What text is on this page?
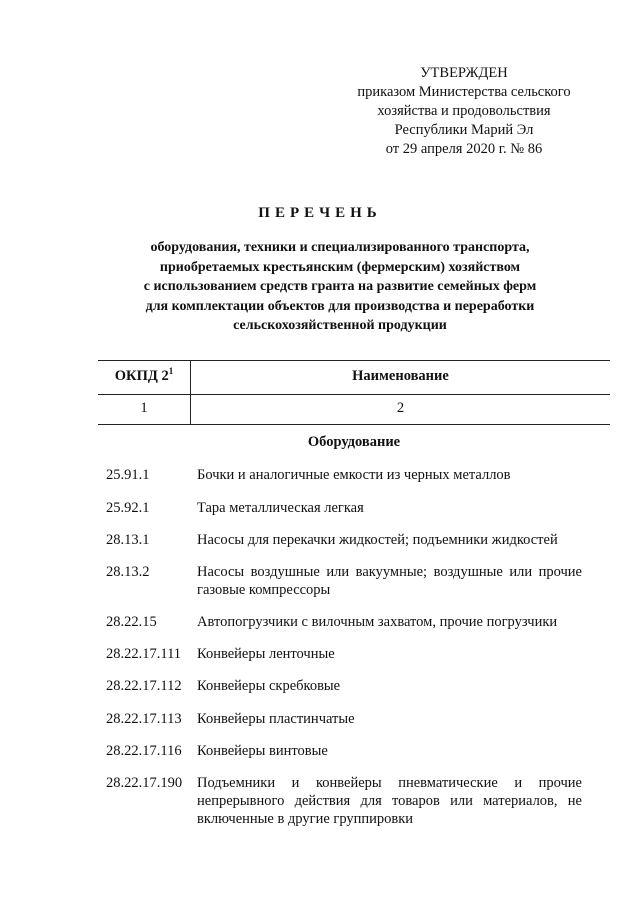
УТВЕРЖДЕН
приказом Министерства сельского
хозяйства и продовольствия
Республики Марий Эл
от 29 апреля 2020 г. № 86
ПЕРЕЧЕНЬ
оборудования, техники и специализированного транспорта,
приобретаемых крестьянским (фермерским) хозяйством
с использованием средств гранта на развитие семейных ферм
для комплектации объектов для производства и переработки
сельскохозяйственной продукции
ОКПД $2^1$	Наименование
1	2
Оборудование
25.91.1	Бочки и аналогичные емкости из черных металлов
25.92.1	Тара металлическая легкая
28.13.1	Насосы для перекачки жидкостей; подъемники жидкостей
28.13.2	Насосы воздушные или вакуумные; воздушные или прочие газовые компрессоры
28.22.15	Автопогрузчики с вилочным захватом, прочие погрузчики
28.22.17.111 Конвейеры ленточные
28.22.17.112 Конвейеры скребковые
28.22.17.113 Конвейеры пластинчатые
28.22.17.116 Конвейеры винтовые
28.22.17.190 Подъемники и конвейеры пневматические и прочие непрерывного действия для товаров или материалов, не включенные в другие группировки
